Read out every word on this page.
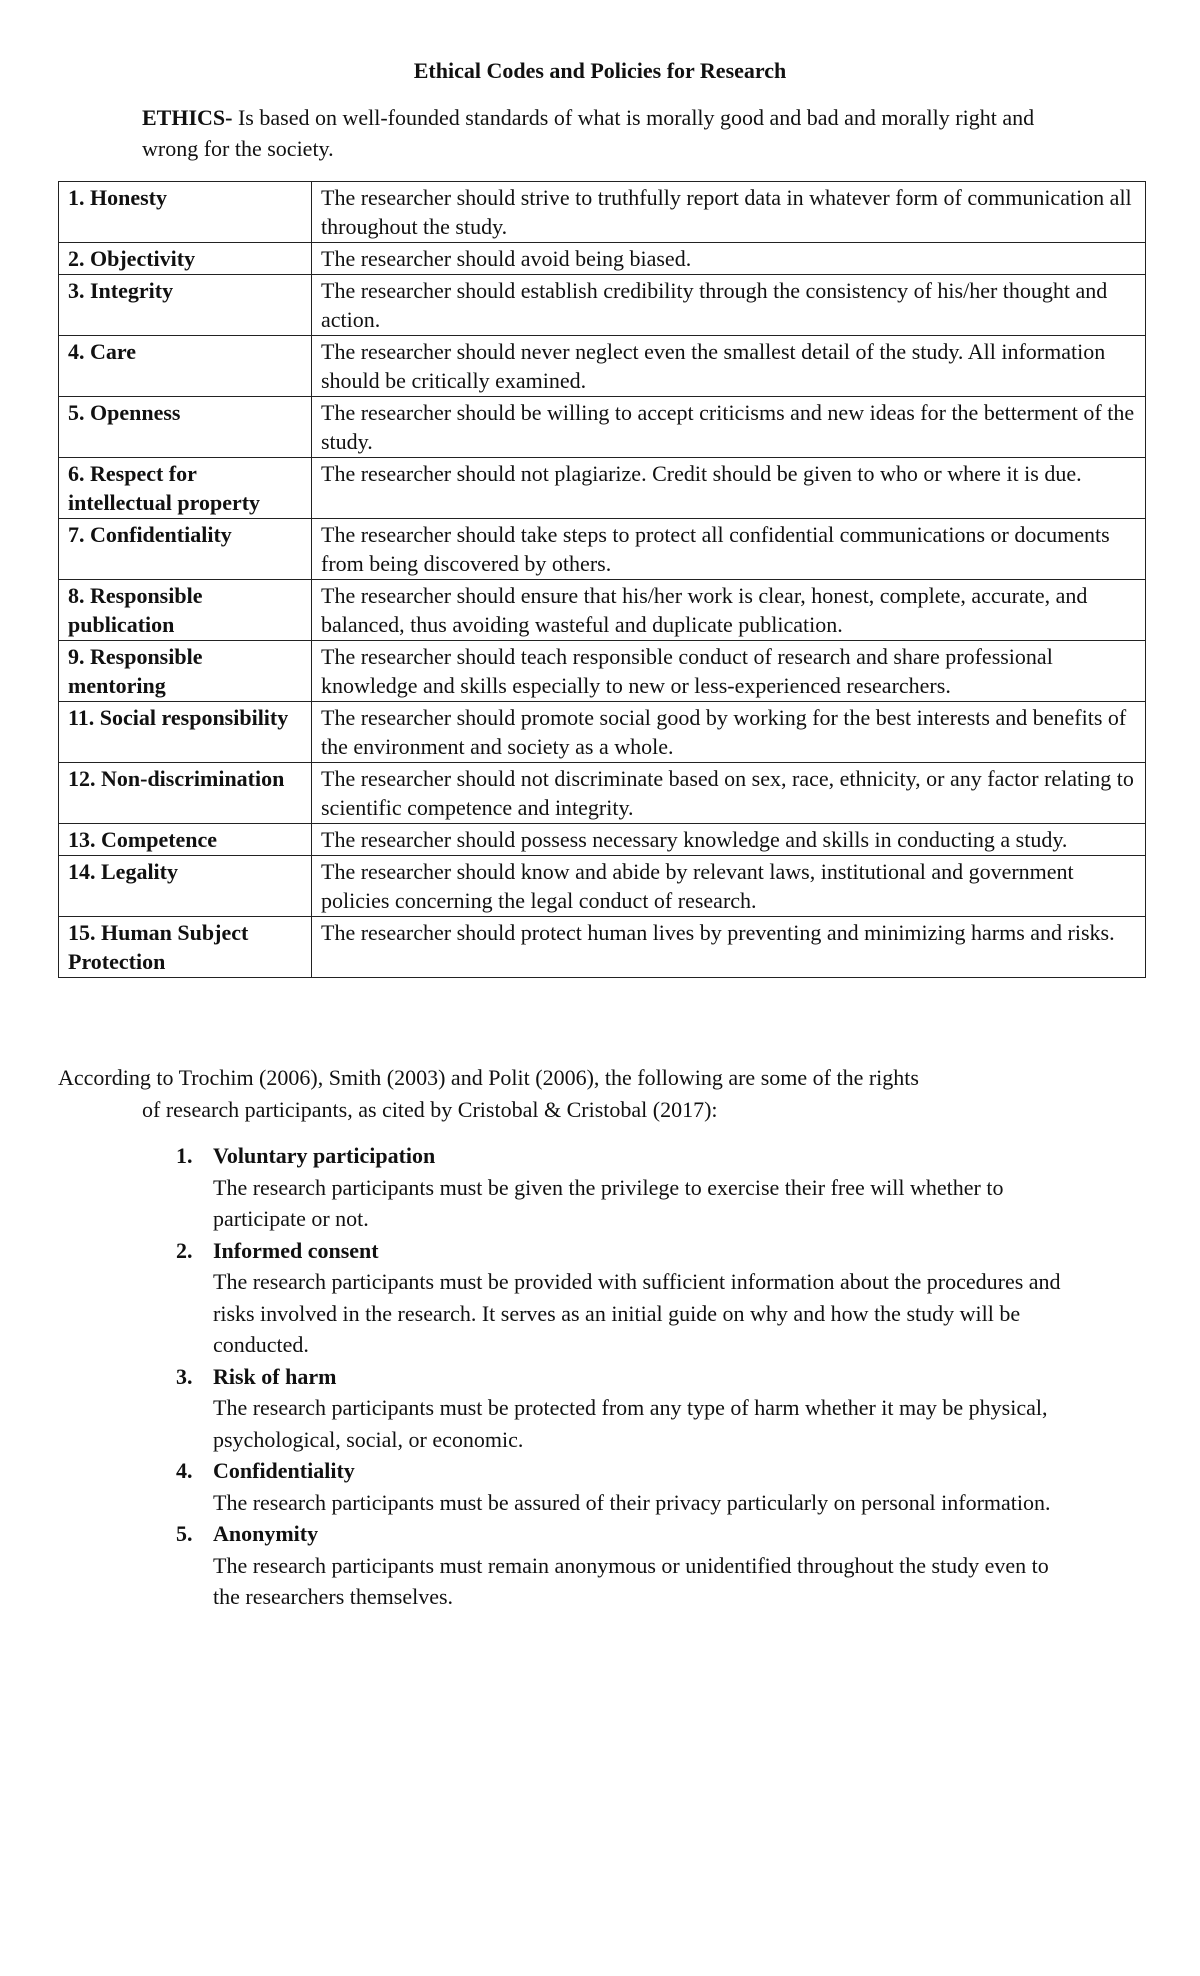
Ethical Codes and Policies for Research
ETHICS- Is based on well-founded standards of what is morally good and bad and morally right and wrong for the society.
1. Honesty	The researcher should strive to truthfully report data in whatever form of communication all throughout the study.
2. Objectivity	The researcher should avoid being biased.
3. Integrity	The researcher should establish credibility through the consistency of his/her thought and action.
4. Care	The researcher should never neglect even the smallest detail of the study. All information should be critically examined.
5. Openness	The researcher should be willing to accept criticisms and new ideas for the betterment of the study.
6. Respect for intellectual property	The researcher should not plagiarize. Credit should be given to who or where it is due.
7. Confidentiality	The researcher should take steps to protect all confidential communications or documents from being discovered by others.
8. Responsible publication	The researcher should ensure that his/her work is clear, honest, complete, accurate, and balanced, thus avoiding wasteful and duplicate publication.
9. Responsible mentoring	The researcher should teach responsible conduct of research and share professional knowledge and skills especially to new or less-experienced researchers.
11. Social responsibility	The researcher should promote social good by working for the best interests and benefits of the environment and society as a whole.
12. Non-discrimination	The researcher should not discriminate based on sex, race, ethnicity, or any factor relating to scientific competence and integrity.
13. Competence	The researcher should possess necessary knowledge and skills in conducting a study.
14. Legality	The researcher should know and abide by relevant laws, institutional and government policies concerning the legal conduct of research.
15. Human Subject Protection	The researcher should protect human lives by preventing and minimizing harms and risks.
According to Trochim (2006), Smith (2003) and Polit (2006), the following are some of the rights
of research participants, as cited by Cristobal & Cristobal (2017):
1. Voluntary participation
The research participants must be given the privilege to exercise their free will whether to participate or not.
2. Informed consent
The research participants must be provided with sufficient information about the procedures and risks involved in the research. It serves as an initial guide on why and how the study will be conducted.
3. Risk of harm
The research participants must be protected from any type of harm whether it may be physical, psychological, social, or economic.
4. Confidentiality
The research participants must be assured of their privacy particularly on personal information.
5. Anonymity
The research participants must remain anonymous or unidentified throughout the study even to the researchers themselves.
